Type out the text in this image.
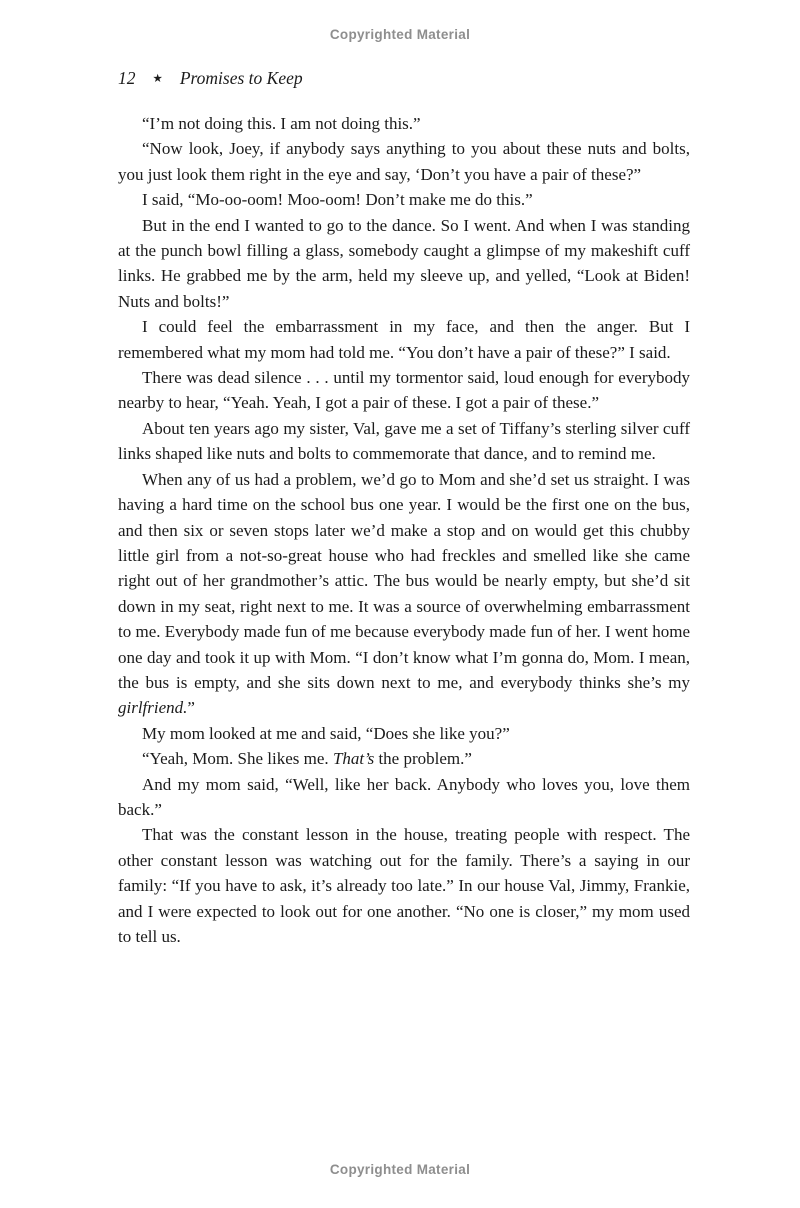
Copyrighted Material
12 ★ Promises to Keep

“I’m not doing this. I am not doing this.”

“Now look, Joey, if anybody says anything to you about these nuts and bolts, you just look them right in the eye and say, ‘Don’t you have a pair of these?”

I said, “Mo-oo-oom! Moo-oom! Don’t make me do this.”

But in the end I wanted to go to the dance. So I went. And when I was standing at the punch bowl filling a glass, somebody caught a glimpse of my makeshift cuff links. He grabbed me by the arm, held my sleeve up, and yelled, “Look at Biden! Nuts and bolts!”

I could feel the embarrassment in my face, and then the anger. But I remembered what my mom had told me. “You don’t have a pair of these?” I said.

There was dead silence . . . until my tormentor said, loud enough for everybody nearby to hear, “Yeah. Yeah, I got a pair of these. I got a pair of these.”

About ten years ago my sister, Val, gave me a set of Tiffany’s sterling silver cuff links shaped like nuts and bolts to commemorate that dance, and to remind me.

When any of us had a problem, we’d go to Mom and she’d set us straight. I was having a hard time on the school bus one year. I would be the first one on the bus, and then six or seven stops later we’d make a stop and on would get this chubby little girl from a not-so-great house who had freckles and smelled like she came right out of her grandmother’s attic. The bus would be nearly empty, but she’d sit down in my seat, right next to me. It was a source of overwhelming embarrassment to me. Everybody made fun of me because everybody made fun of her. I went home one day and took it up with Mom. “I don’t know what I’m gonna do, Mom. I mean, the bus is empty, and she sits down next to me, and everybody thinks she’s my girlfriend.”

My mom looked at me and said, “Does she like you?”

“Yeah, Mom. She likes me. That’s the problem.”

And my mom said, “Well, like her back. Anybody who loves you, love them back.”

That was the constant lesson in the house, treating people with respect. The other constant lesson was watching out for the family. There’s a saying in our family: “If you have to ask, it’s already too late.” In our house Val, Jimmy, Frankie, and I were expected to look out for one another. “No one is closer,” my mom used to tell us.

Copyrighted Material
